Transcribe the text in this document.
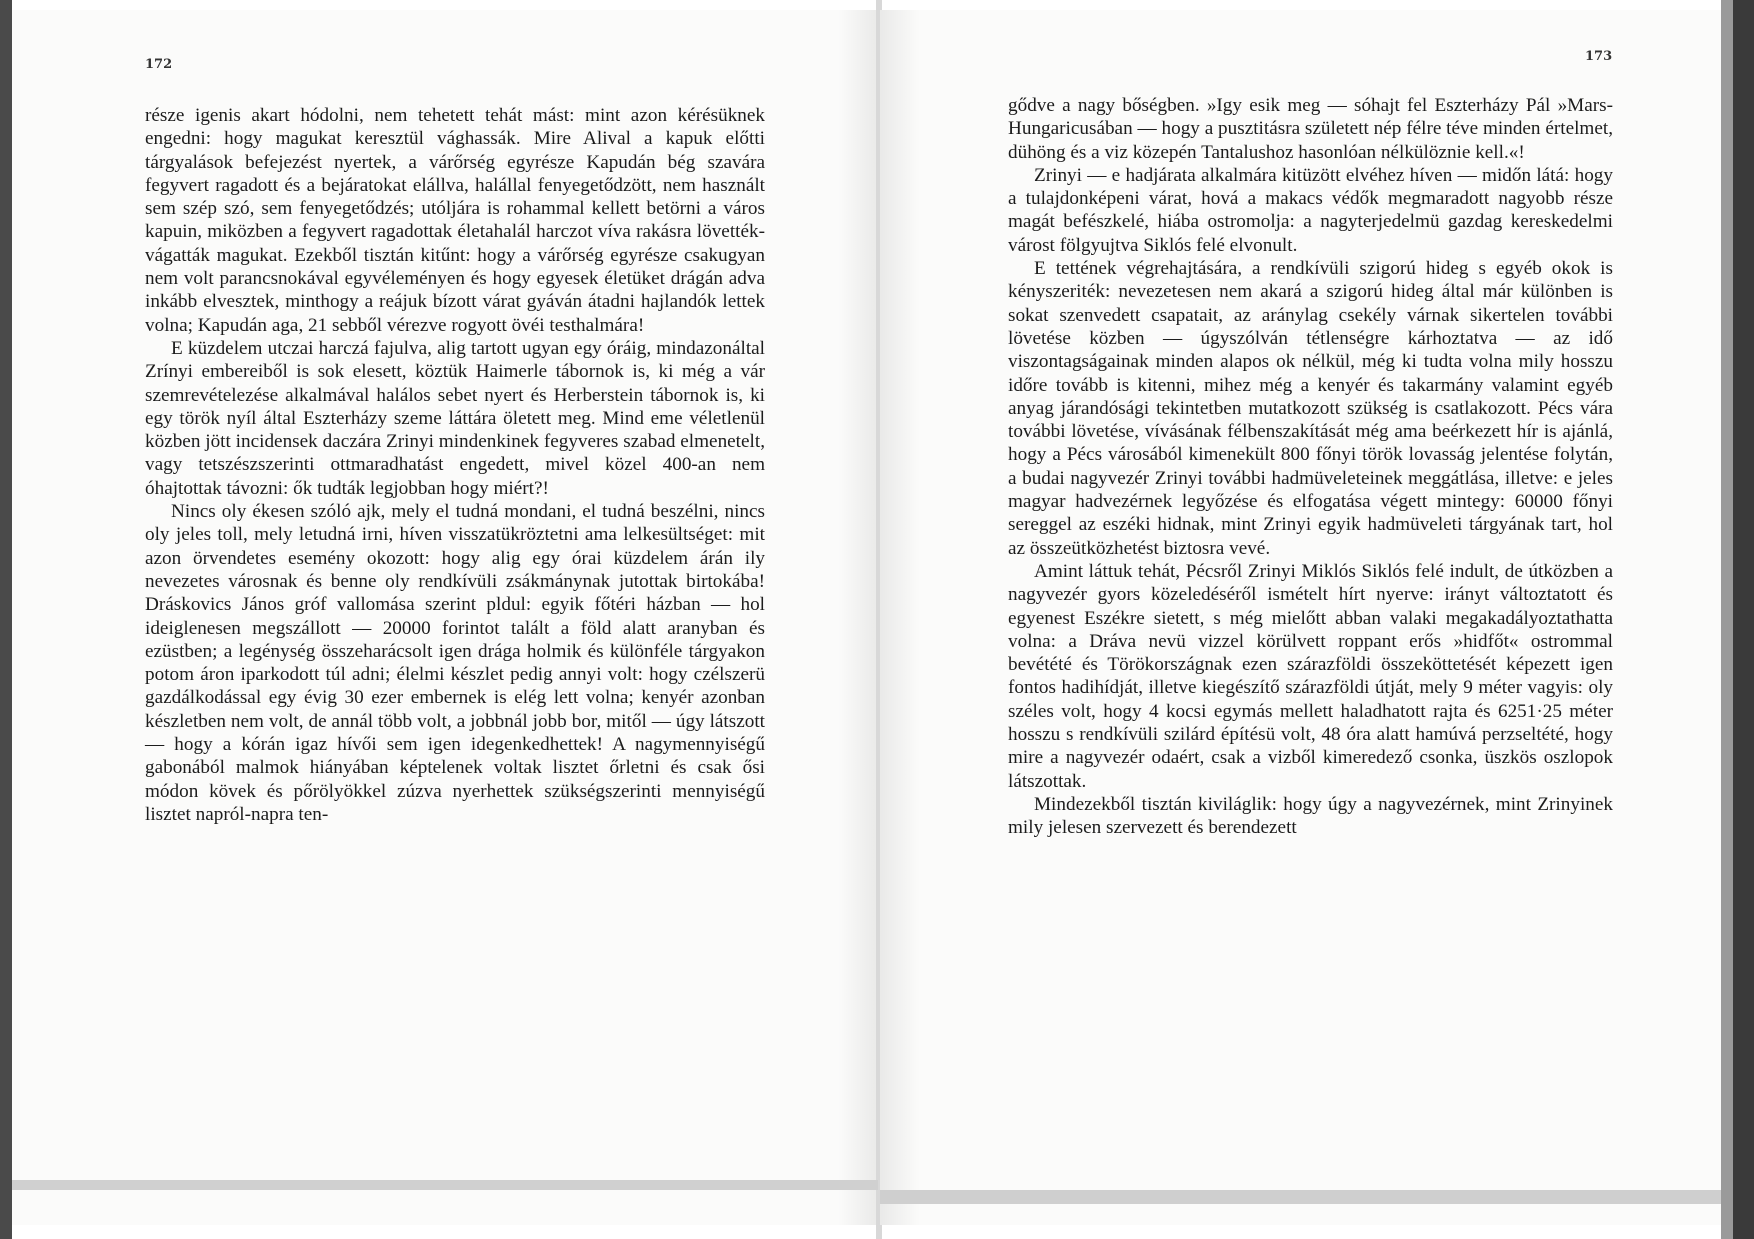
172
173

része igenis akart hódolni, nem tehetett tehát mást: mint azon kérésüknek engedni: hogy magukat keresztül vághassák. Mire Alival a kapuk előtti tárgyalások befejezést nyertek, a várőrség egyrésze Kapudán bég szavára fegyvert ragadott és a bejáratokat elállva, halállal fenyegetődzött, nem használt sem szép szó, sem fenyegetődzés; utóljára is rohammal kellett betörni a város kapuin, miközben a fegyvert ragadottak életahalál harczot víva rakásra lövették-vágatták magukat. Ezekből tisztán kitűnt: hogy a várőrség egyrésze csakugyan nem volt parancsnokával egyvéleményen és hogy egyesek életüket drágán adva inkább elvesztek, minthogy a reájuk bízott várat gyáván átadni hajlandók lettek volna; Kapudán aga, 21 sebből vérezve rogyott övéi testhalmára!

E küzdelem utczai harczá fajulva, alig tartott ugyan egy óráig, mindazonáltal Zrínyi embereiből is sok elesett, köztük Haimerle tábornok is, ki még a vár szemrevételezése alkalmával halálos sebet nyert és Herberstein tábornok is, ki egy török nyíl által Eszterházy szeme láttára öletett meg. Mind eme véletlenül közben jött incidensek daczára Zrinyi mindenkinek fegyveres szabad elmenetelt, vagy tetszészszerinti ottmaradhatást engedett, mivel közel 400-an nem óhajtottak távozni: ők tudták legjobban hogy miért?!

Nincs oly ékesen szóló ajk, mely el tudná mondani, el tudná beszélni, nincs oly jeles toll, mely letudná irni, híven visszatükröztetni ama lelkesültséget: mit azon örvendetes esemény okozott: hogy alig egy órai küzdelem árán ily nevezetes városnak és benne oly rendkívüli zsákmánynak jutottak birtokába! Dráskovics János gróf vallomása szerint pldul: egyik főtéri házban — hol ideiglenesen megszállott — 20000 forintot talált a föld alatt aranyban és ezüstben; a legénység összeharácsolt igen drága holmik és különféle tárgyakon potom áron iparkodott túl adni; élelmi készlet pedig annyi volt: hogy czélszerü gazdálkodással egy évig 30 ezer embernek is elég lett volna; kenyér azonban készletben nem volt, de annál több volt, a jobbnál jobb bor, mitől — úgy látszott — hogy a kórán igaz hívői sem igen idegenkedhettek! A nagymennyiségű gabonából malmok hiányában képtelenek voltak lisztet őrletni és csak ősi módon kövek és pőrölyökkel zúzva nyerhettek szükségszerinti mennyiségű lisztet napról-napra ten-

gődve a nagy bőségben. »Igy esik meg — sóhajt fel Eszterházy Pál »Mars-Hungaricusában — hogy a pusztitásra született nép félre téve minden értelmet, dühöng és a viz közepén Tantalushoz hasonlóan nélkülöznie kell.«!

Zrinyi — e hadjárata alkalmára kitüzött elvéhez híven — midőn látá: hogy a tulajdonképeni várat, hová a makacs védők megmaradott nagyobb része magát befészkelé, hiába ostromolja: a nagyterjedelmü gazdag kereskedelmi várost fölgyujtva Siklós felé elvonult.

E tettének végrehajtására, a rendkívüli szigorú hideg s egyéb okok is kényszeriték: nevezetesen nem akará a szigorú hideg által már különben is sokat szenvedett csapatait, az aránylag csekély várnak sikertelen további lövetése közben — úgyszólván tétlenségre kárhoztatva — az idő viszontagságainak minden alapos ok nélkül, még ki tudta volna mily hosszu időre tovább is kitenni, mihez még a kenyér és takarmány valamint egyéb anyag járandósági tekintetben mutatkozott szükség is csatlakozott. Pécs vára további lövetése, vívásának félbenszakítását még ama beérkezett hír is ajánlá, hogy a Pécs városából kimenekült 800 főnyi török lovasság jelentése folytán, a budai nagyvezér Zrinyi további hadmüveleteinek meggátlása, illetve: e jeles magyar hadvezérnek legyőzése és elfogatása végett mintegy: 60000 főnyi sereggel az eszéki hidnak, mint Zrinyi egyik hadmüveleti tárgyának tart, hol az összeütközhetést biztosra vevé.

Amint láttuk tehát, Pécsről Zrinyi Miklós Siklós felé indult, de útközben a nagyvezér gyors közeledéséről ismételt hírt nyerve: irányt változtatott és egyenest Eszékre sietett, s még mielőtt abban valaki megakadályoztathatta volna: a Dráva nevü vizzel körülvett roppant erős »hidfőt« ostrommal bevétété és Törökországnak ezen szárazföldi összeköttetését képezett igen fontos hadihídját, illetve kiegészítő szárazföldi útját, mely 9 méter vagyis: oly széles volt, hogy 4 kocsi egymás mellett haladhatott rajta és 6251·25 méter hosszu s rendkívüli szilárd építésü volt, 48 óra alatt hamúvá perzseltété, hogy mire a nagyvezér odaért, csak a vizből kimeredező csonka, üszkös oszlopok látszottak.

Mindezekből tisztán kiviláglik: hogy úgy a nagyvezérnek, mint Zrinyinek mily jelesen szervezett és berendezett
